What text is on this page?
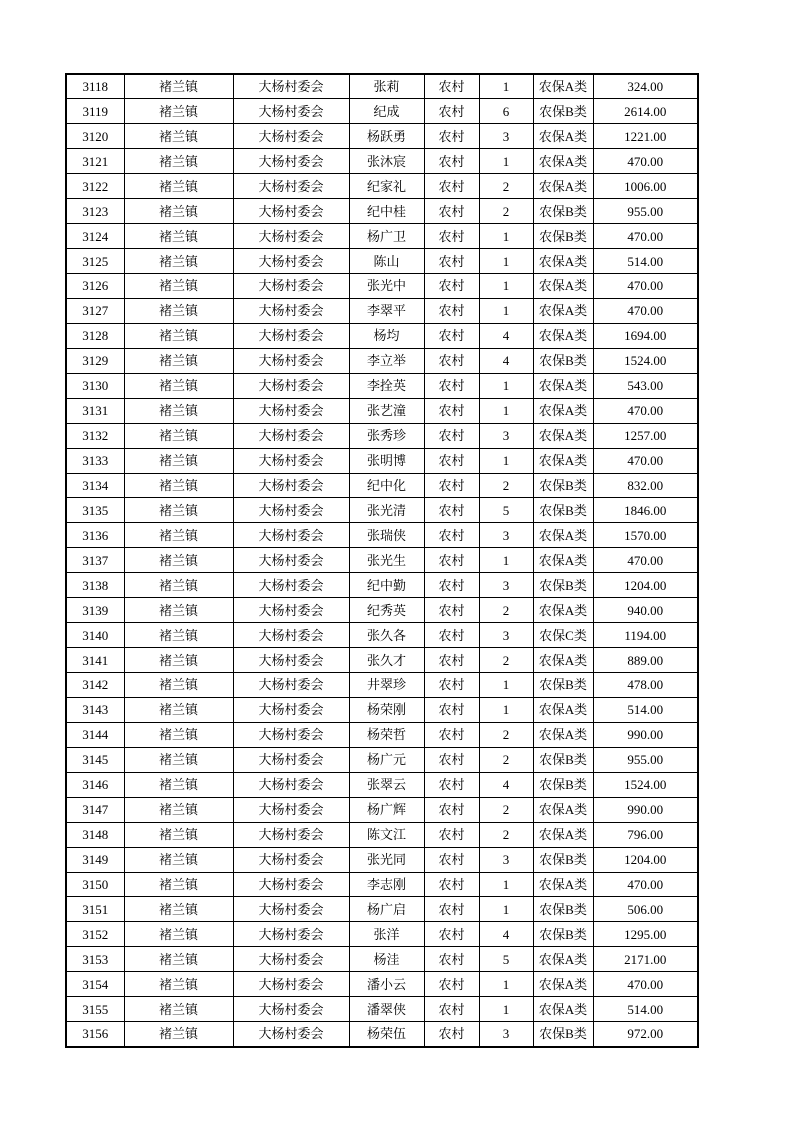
3118	褚兰镇	大杨村委会	张莉	农村	1	农保A类	324.00
3119	褚兰镇	大杨村委会	纪成	农村	6	农保B类	2614.00
3120	褚兰镇	大杨村委会	杨跃勇	农村	3	农保A类	1221.00
3121	褚兰镇	大杨村委会	张沐宸	农村	1	农保A类	470.00
3122	褚兰镇	大杨村委会	纪家礼	农村	2	农保A类	1006.00
3123	褚兰镇	大杨村委会	纪中桂	农村	2	农保B类	955.00
3124	褚兰镇	大杨村委会	杨广卫	农村	1	农保B类	470.00
3125	褚兰镇	大杨村委会	陈山	农村	1	农保A类	514.00
3126	褚兰镇	大杨村委会	张光中	农村	1	农保A类	470.00
3127	褚兰镇	大杨村委会	李翠平	农村	1	农保A类	470.00
3128	褚兰镇	大杨村委会	杨均	农村	4	农保A类	1694.00
3129	褚兰镇	大杨村委会	李立举	农村	4	农保B类	1524.00
3130	褚兰镇	大杨村委会	李拴英	农村	1	农保A类	543.00
3131	褚兰镇	大杨村委会	张艺潼	农村	1	农保A类	470.00
3132	褚兰镇	大杨村委会	张秀珍	农村	3	农保A类	1257.00
3133	褚兰镇	大杨村委会	张明博	农村	1	农保A类	470.00
3134	褚兰镇	大杨村委会	纪中化	农村	2	农保B类	832.00
3135	褚兰镇	大杨村委会	张光清	农村	5	农保B类	1846.00
3136	褚兰镇	大杨村委会	张瑞侠	农村	3	农保A类	1570.00
3137	褚兰镇	大杨村委会	张光生	农村	1	农保A类	470.00
3138	褚兰镇	大杨村委会	纪中勤	农村	3	农保B类	1204.00
3139	褚兰镇	大杨村委会	纪秀英	农村	2	农保A类	940.00
3140	褚兰镇	大杨村委会	张久各	农村	3	农保C类	1194.00
3141	褚兰镇	大杨村委会	张久才	农村	2	农保A类	889.00
3142	褚兰镇	大杨村委会	井翠珍	农村	1	农保B类	478.00
3143	褚兰镇	大杨村委会	杨荣刚	农村	1	农保A类	514.00
3144	褚兰镇	大杨村委会	杨荣哲	农村	2	农保A类	990.00
3145	褚兰镇	大杨村委会	杨广元	农村	2	农保B类	955.00
3146	褚兰镇	大杨村委会	张翠云	农村	4	农保B类	1524.00
3147	褚兰镇	大杨村委会	杨广辉	农村	2	农保A类	990.00
3148	褚兰镇	大杨村委会	陈文江	农村	2	农保A类	796.00
3149	褚兰镇	大杨村委会	张光同	农村	3	农保B类	1204.00
3150	褚兰镇	大杨村委会	李志刚	农村	1	农保A类	470.00
3151	褚兰镇	大杨村委会	杨广启	农村	1	农保B类	506.00
3152	褚兰镇	大杨村委会	张洋	农村	4	农保B类	1295.00
3153	褚兰镇	大杨村委会	杨洼	农村	5	农保A类	2171.00
3154	褚兰镇	大杨村委会	潘小云	农村	1	农保A类	470.00
3155	褚兰镇	大杨村委会	潘翠侠	农村	1	农保A类	514.00
3156	褚兰镇	大杨村委会	杨荣伍	农村	3	农保B类	972.00
